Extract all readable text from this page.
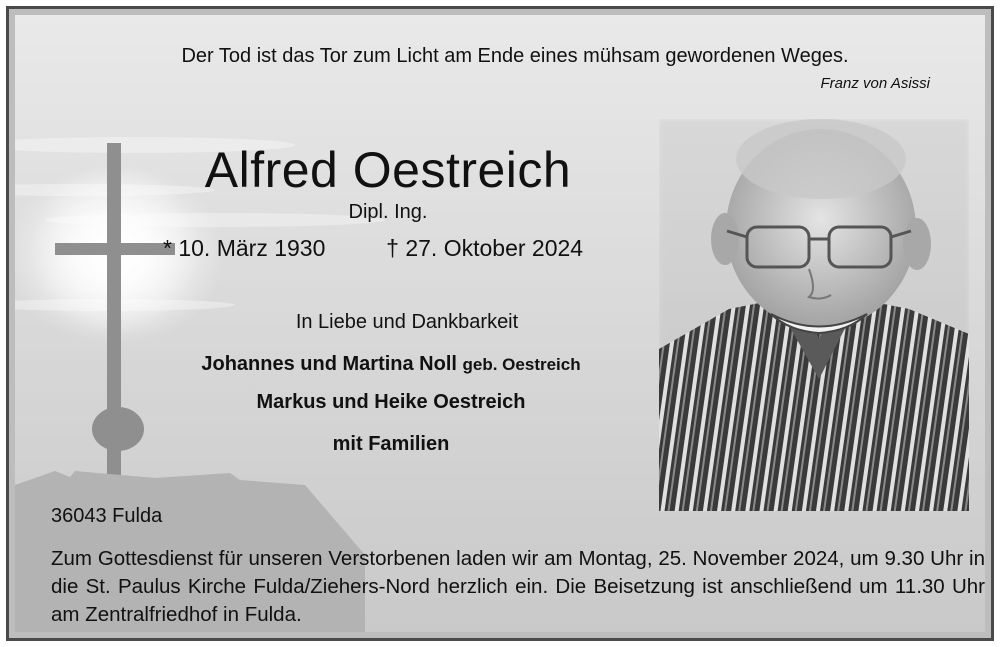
Der Tod ist das Tor zum Licht am Ende eines mühsam gewordenen Weges.
Franz von Asissi
Alfred Oestreich
Dipl. Ing.
* 10. März 1930	† 27. Oktober 2024
In Liebe und Dankbarkeit
Johannes und Martina Noll geb. Oestreich
Markus und Heike Oestreich
mit Familien
36043 Fulda
Zum Gottesdienst für unseren Verstorbenen laden wir am Montag, 25. November 2024, um 9.30 Uhr in die St. Paulus Kirche Fulda/Ziehers-Nord herzlich ein. Die Beisetzung ist anschließend um 11.30 Uhr am Zentralfriedhof in Fulda.
